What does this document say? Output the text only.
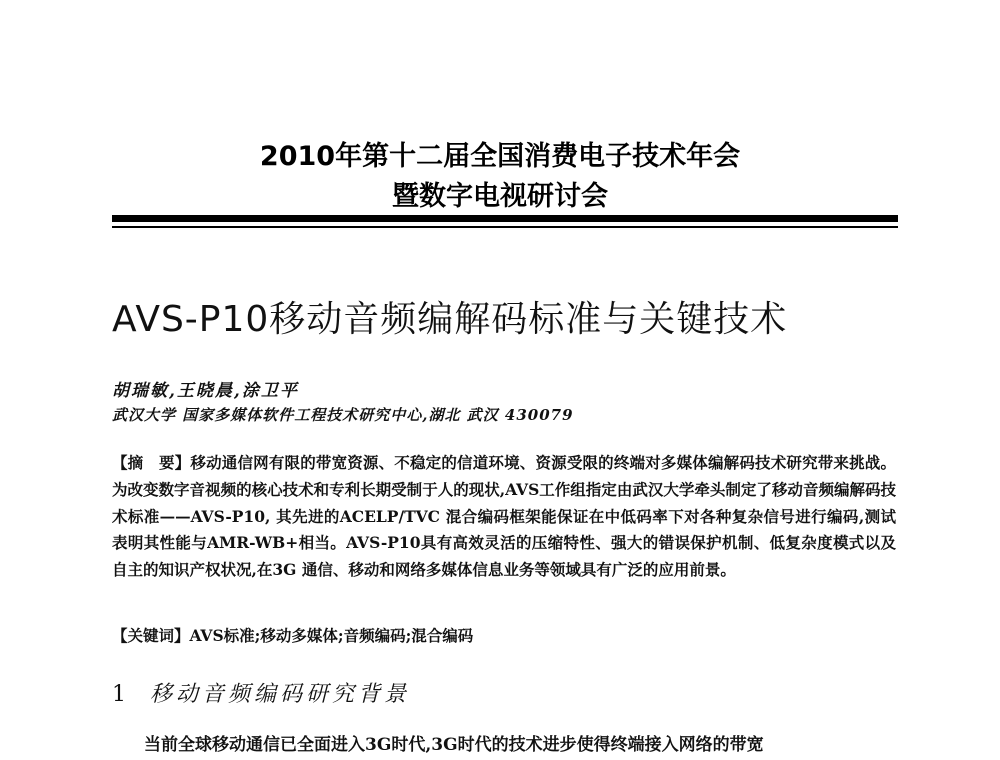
2010年第十二届全国消费电子技术年会
暨数字电视研讨会
AVS-P10移动音频编解码标准与关键技术
胡瑞敏,王晓晨,涂卫平
武汉大学 国家多媒体软件工程技术研究中心,湖北 武汉 430079

【摘　要】移动通信网有限的带宽资源、不稳定的信道环境、资源受限的终端对多媒体编解码技术研究带来挑战。为改变数字音视频的核心技术和专利长期受制于人的现状,AVS工作组指定由武汉大学牵头制定了移动音频编解码技术标准——AVS-P10, 其先进的ACELP/TVC 混合编码框架能保证在中低码率下对各种复杂信号进行编码,测试表明其性能与AMR-WB+相当。AVS-P10具有高效灵活的压缩特性、强大的错误保护机制、低复杂度模式以及自主的知识产权状况,在3G 通信、移动和网络多媒体信息业务等领域具有广泛的应用前景。

【关键词】AVS标准;移动多媒体;音频编码;混合编码
1 移动音频编码研究背景

当前全球移动通信已全面进入3G时代,3G时代的技术进步使得终端接入网络的带宽
